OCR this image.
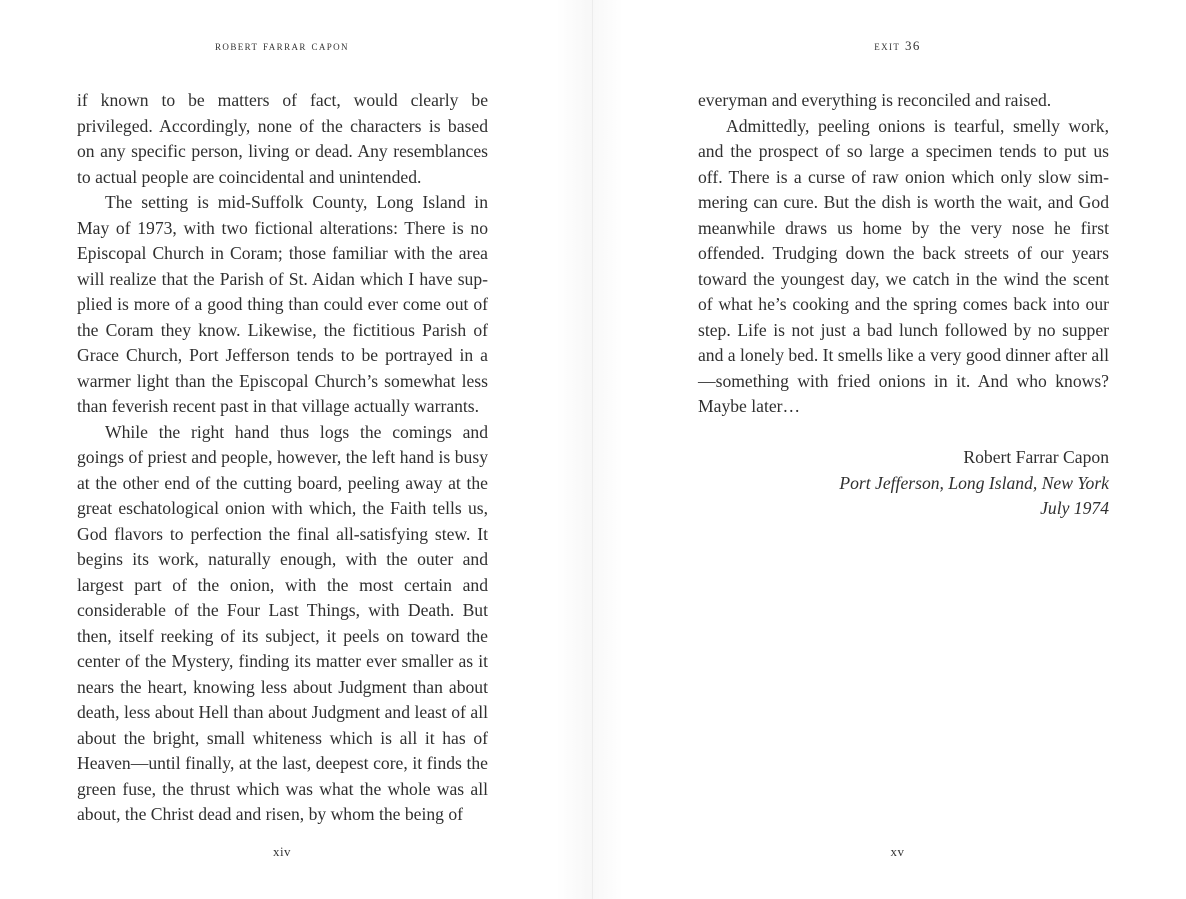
robert farrar capon

if known to be matters of fact, would clearly be privileged. Accordingly, none of the characters is based on any specific person, living or dead. Any resemblances to actual people are coincidental and unintended.

The setting is mid-Suffolk County, Long Island in May of 1973, with two fictional alterations: There is no Episcopal Church in Coram; those familiar with the area will realize that the Parish of St. Aidan which I have supplied is more of a good thing than could ever come out of the Coram they know. Likewise, the fictitious Parish of Grace Church, Port Jefferson tends to be portrayed in a warmer light than the Episcopal Church’s somewhat less than feverish recent past in that village actually warrants.

While the right hand thus logs the comings and goings of priest and people, however, the left hand is busy at the other end of the cutting board, peeling away at the great eschatological onion with which, the Faith tells us, God flavors to perfection the final all-satisfying stew. It begins its work, naturally enough, with the outer and largest part of the onion, with the most certain and considerable of the Four Last Things, with Death. But then, itself reeking of its subject, it peels on toward the center of the Mystery, finding its matter ever smaller as it nears the heart, knowing less about Judgment than about death, less about Hell than about Judgment and least of all about the bright, small whiteness which is all it has of Heaven—until finally, at the last, deepest core, it finds the green fuse, the thrust which was what the whole was all about, the Christ dead and risen, by whom the being of

xiv
exit 36

everyman and everything is reconciled and raised.

Admittedly, peeling onions is tearful, smelly work, and the prospect of so large a specimen tends to put us off. There is a curse of raw onion which only slow simmering can cure. But the dish is worth the wait, and God meanwhile draws us home by the very nose he first offended. Trudging down the back streets of our years toward the youngest day, we catch in the wind the scent of what he’s cooking and the spring comes back into our step. Life is not just a bad lunch followed by no supper and a lonely bed. It smells like a very good dinner after all—something with fried onions in it. And who knows? Maybe later…

Robert Farrar Capon
Port Jefferson, Long Island, New York
July 1974
xv
